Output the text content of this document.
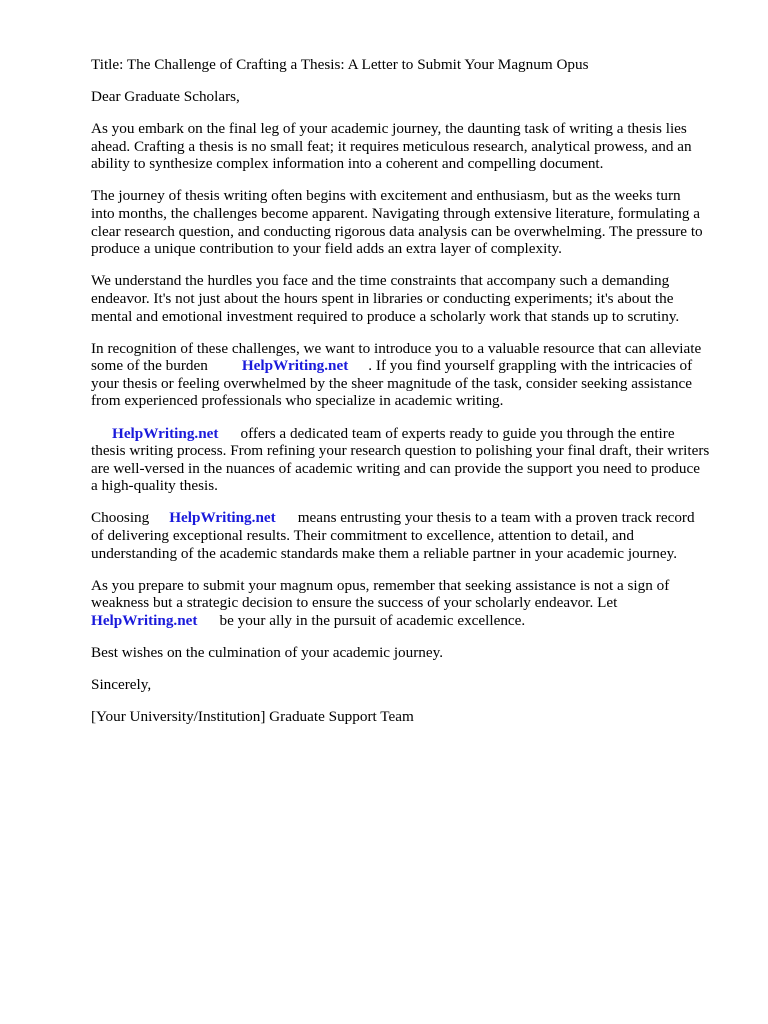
Title: The Challenge of Crafting a Thesis: A Letter to Submit Your Magnum Opus
Dear Graduate Scholars,
As you embark on the final leg of your academic journey, the daunting task of writing a thesis lies
ahead. Crafting a thesis is no small feat; it requires meticulous research, analytical prowess, and an
ability to synthesize complex information into a coherent and compelling document.
The journey of thesis writing often begins with excitement and enthusiasm, but as the weeks turn
into months, the challenges become apparent. Navigating through extensive literature, formulating a
clear research question, and conducting rigorous data analysis can be overwhelming. The pressure to
produce a unique contribution to your field adds an extra layer of complexity.
We understand the hurdles you face and the time constraints that accompany such a demanding
endeavor. It's not just about the hours spent in libraries or conducting experiments; it's about the
mental and emotional investment required to produce a scholarly work that stands up to scrutiny.
In recognition of these challenges, we want to introduce you to a valuable resource that can alleviate
some of the burden HelpWriting.net . If you find yourself grappling with the intricacies of
your thesis or feeling overwhelmed by the sheer magnitude of the task, consider seeking assistance
from experienced professionals who specialize in academic writing.
HelpWriting.net offers a dedicated team of experts ready to guide you through the entire
thesis writing process. From refining your research question to polishing your final draft, their writers
are well-versed in the nuances of academic writing and can provide the support you need to produce
a high-quality thesis.
Choosing HelpWriting.net means entrusting your thesis to a team with a proven track record
of delivering exceptional results. Their commitment to excellence, attention to detail, and
understanding of the academic standards make them a reliable partner in your academic journey.
As you prepare to submit your magnum opus, remember that seeking assistance is not a sign of
weakness but a strategic decision to ensure the success of your scholarly endeavor. Let
HelpWriting.net be your ally in the pursuit of academic excellence.
Best wishes on the culmination of your academic journey.
Sincerely,
[Your University/Institution] Graduate Support Team
